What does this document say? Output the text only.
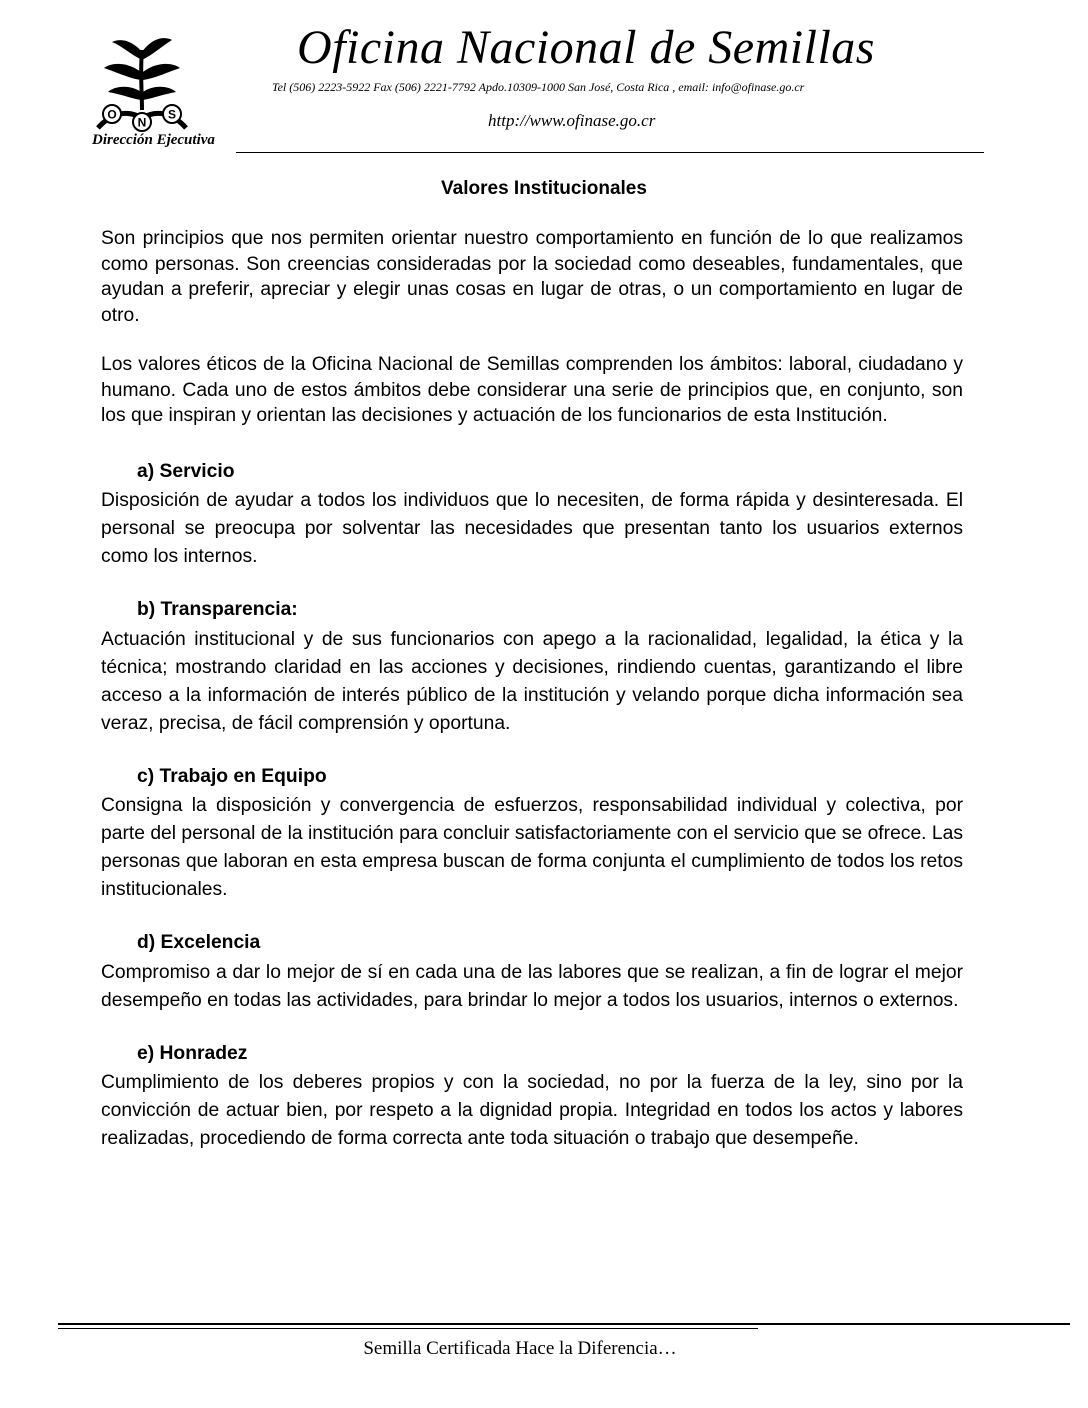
O
N
S
Dirección Ejecutiva
Oficina Nacional de Semillas
Tel (506) 2223-5922 Fax (506) 2221-7792 Apdo.10309-1000 San José, Costa Rica , email: info@ofinase.go.cr
http://www.ofinase.go.cr
Valores Institucionales

Son principios que nos permiten orientar nuestro comportamiento en función de lo que realizamos como personas. Son creencias consideradas por la sociedad como deseables, fundamentales, que ayudan a preferir, apreciar y elegir unas cosas en lugar de otras, o un comportamiento en lugar de otro.

Los valores éticos de la Oficina Nacional de Semillas comprenden los ámbitos: laboral, ciudadano y humano. Cada uno de estos ámbitos debe considerar una serie de principios que, en conjunto, son los que inspiran y orientan las decisiones y actuación de los funcionarios de esta Institución.

a) Servicio

Disposición de ayudar a todos los individuos que lo necesiten, de forma rápida y desinteresada. El personal se preocupa por solventar las necesidades que presentan tanto los usuarios externos como los internos.

b) Transparencia:

Actuación institucional y de sus funcionarios con apego a la racionalidad, legalidad, la ética y la técnica; mostrando claridad en las acciones y decisiones, rindiendo cuentas, garantizando el libre acceso a la información de interés público de la institución y velando porque dicha información sea veraz, precisa, de fácil comprensión y oportuna.

c) Trabajo en Equipo

Consigna la disposición y convergencia de esfuerzos, responsabilidad individual y colectiva, por parte del personal de la institución para concluir satisfactoriamente con el servicio que se ofrece. Las personas que laboran en esta empresa buscan de forma conjunta el cumplimiento de todos los retos institucionales.

d) Excelencia

Compromiso a dar lo mejor de sí en cada una de las labores que se realizan, a fin de lograr el mejor desempeño en todas las actividades, para brindar lo mejor a todos los usuarios, internos o externos.

e) Honradez

Cumplimiento de los deberes propios y con la sociedad, no por la fuerza de la ley, sino por la convicción de actuar bien, por respeto a la dignidad propia. Integridad en todos los actos y labores realizadas, procediendo de forma correcta ante toda situación o trabajo que desempeñe.

Semilla Certificada Hace la Diferencia…
